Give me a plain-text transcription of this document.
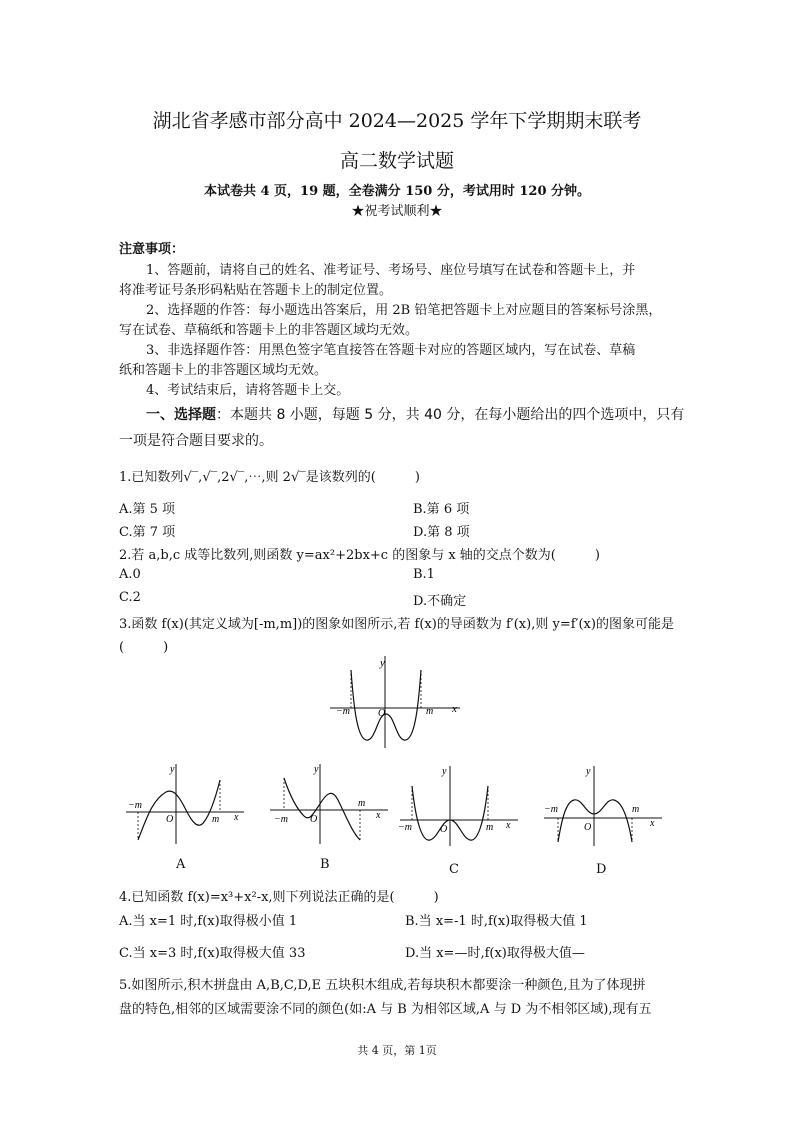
湖北省孝感市部分高中 2024—2025 学年下学期期末联考
高二数学试题
本试卷共 4 页，19 题，全卷满分 150 分，考试用时 120 分钟。
★祝考试顺利★
注意事项：
1、答题前，请将自己的姓名、准考证号、考场号、座位号填写在试卷和答题卡上，并
将准考证号条形码粘贴在答题卡上的制定位置。
2、选择题的作答：每小题选出答案后，用 2B 铅笔把答题卡上对应题目的答案标号涂黑，
写在试卷、草稿纸和答题卡上的非答题区域均无效。
3、非选择题作答：用黑色签字笔直接答在答题卡对应的答题区域内，写在试卷、草稿
纸和答题卡上的非答题区域均无效。
4、考试结束后，请将答题卡上交。
一、选择题：本题共 8 小题，每题 5 分，共 40 分，在每小题给出的四个选项中，只有
一项是符合题目要求的。
1.已知数列√‾,√‾,2√‾,⋯,则 2√‾是该数列的(　　　)
A.第 5 项	B.第 6 项
C.第 7 项	D.第 8 项
2.若 a,b,c 成等比数列,则函数 y=ax²+2bx+c 的图象与 x 轴的交点个数为(　　　)
A.0	B.1
C.2	D.不确定
3.函数 f(x)(其定义域为[-m,m])的图象如图所示,若 f(x)的导函数为 f′(x),则 y=f′(x)的图象可能是
(　　　)
y
x
O
−m	m
y
x
O
−m
m
A
y
x
O
−m
m
B
y
x
O
−m	m
C
y
x
O
−m	m
D
4.已知函数 f(x)=x³+x²-x,则下列说法正确的是(　　　)
A.当 x=1 时,f(x)取得极小值 1	B.当 x=-1 时,f(x)取得极大值 1
C.当 x=3 时,f(x)取得极大值 33	D.当 x=—时,f(x)取得极大值—
5.如图所示,积木拼盘由 A,B,C,D,E 五块积木组成,若每块积木都要涂一种颜色,且为了体现拼
盘的特色,相邻的区域需要涂不同的颜色(如:A 与 B 为相邻区域,A 与 D 为不相邻区域),现有五
共 4 页，第 1页
